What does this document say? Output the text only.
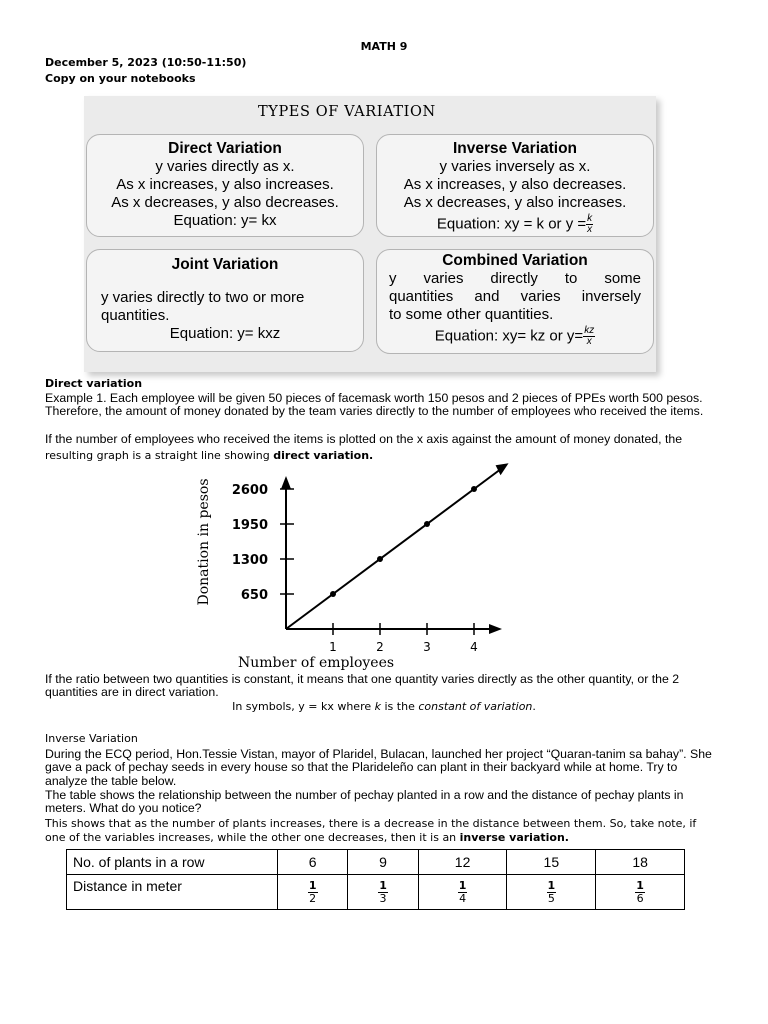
MATH 9
December 5, 2023 (10:50-11:50)
Copy on your notebooks
TYPES OF VARIATION
Direct Variation
y varies directly as x.
As x increases, y also increases.
As x decreases, y also decreases.
Equation: y= kx
Inverse Variation
y varies inversely as x.
As x increases, y also decreases.
As x decreases, y also increases.
Equation: xy = k or $y = \frac{k}{x}$
Joint Variation
y varies directly to two or more
quantities.
Equation: y= kxz
Combined Variation
y varies directly to some
quantities and varies inversely
to some other quantities.
Equation: xy= kz or $y= \frac{kz}{x}$
Direct variation
Example 1. Each employee will be given 50 pieces of facemask worth 150 pesos and 2 pieces of PPEs worth 500 pesos. Therefore, the amount of money donated by the team varies directly to the number of employees who received the items.
If the number of employees who received the items is plotted on the x axis against the amount of money donated, the
resulting graph is a straight line showing direct variation.
1	2	3	4
650
1300
1950
2600
Number of employees
Donation in pesos
If the ratio between two quantities is constant, it means that one quantity varies directly as the other quantity, or the 2 quantities are in direct variation.
In symbols, y = kx where k is the constant of variation.
Inverse Variation
During the ECQ period, Hon.Tessie Vistan, mayor of Plaridel, Bulacan, launched her project “Quaran-tanim sa bahay”. She gave a pack of pechay seeds in every house so that the Plarideleño can plant in their backyard while at home. Try to analyze the table below.
The table shows the relationship between the number of pechay planted in a row and the distance of pechay plants in meters. What do you notice?
This shows that as the number of plants increases, there is a decrease in the distance between them. So, take note, if one of the variables increases, while the other one decreases, then it is an inverse variation.
No. of plants in a row	6	9	12	15	18
Distance in meter	$\frac{1}{2}$	$\frac{1}{3}$	$\frac{1}{4}$	$\frac{1}{5}$	$\frac{1}{6}$
